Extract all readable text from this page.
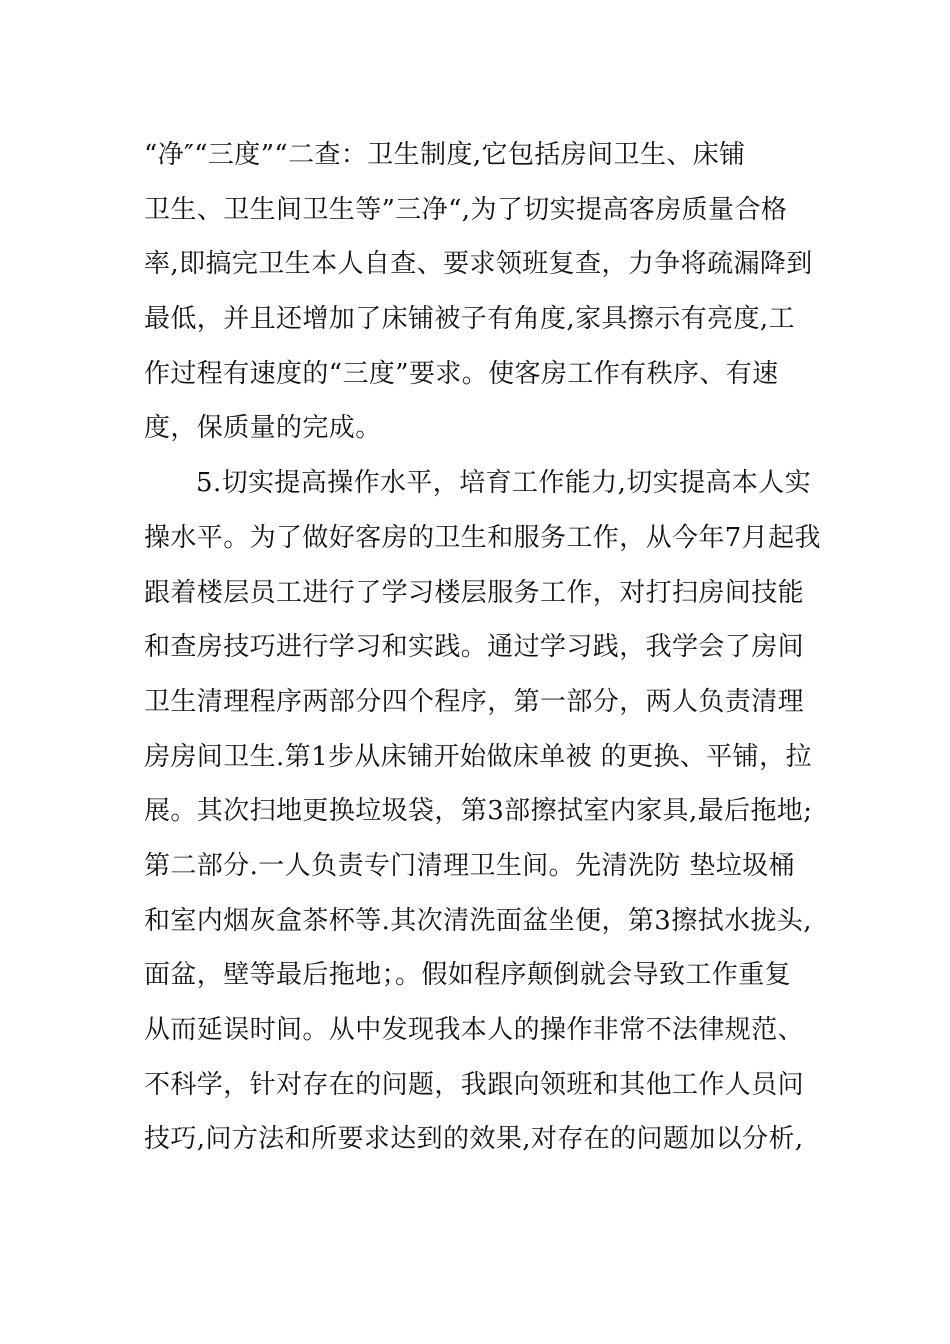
“净″“三度”“二查：卫生制度,它包括房间卫生、床铺
卫生、卫生间卫生等”三净“,为了切实提高客房质量合格
率,即搞完卫生本人自查、要求领班复查，力争将疏漏降到
最低，并且还增加了床铺被子有角度,家具擦示有亮度,工
作过程有速度的“三度”要求。使客房工作有秩序、有速
度，保质量的完成。
5.切实提高操作水平，培育工作能力,切实提高本人实
操水平。为了做好客房的卫生和服务工作，从今年7月起我
跟着楼层员工进行了学习楼层服务工作，对打扫房间技能
和查房技巧进行学习和实践。通过学习践，我学会了房间
卫生清理程序两部分四个程序，第一部分，两人负责清理
房房间卫生.第1步从床铺开始做床单被 的更换、平铺，拉
展。其次扫地更换垃圾袋，第3部擦拭室内家具,最后拖地;
第二部分.一人负责专门清理卫生间。先清洗防 垫垃圾桶
和室内烟灰盒茶杯等.其次清洗面盆坐便，第3擦拭水拢头,
面盆，壁等最后拖地；。假如程序颠倒就会导致工作重复
从而延误时间。从中发现我本人的操作非常不法律规范、
不科学，针对存在的问题，我跟向领班和其他工作人员问
技巧,问方法和所要求达到的效果,对存在的问题加以分析,
